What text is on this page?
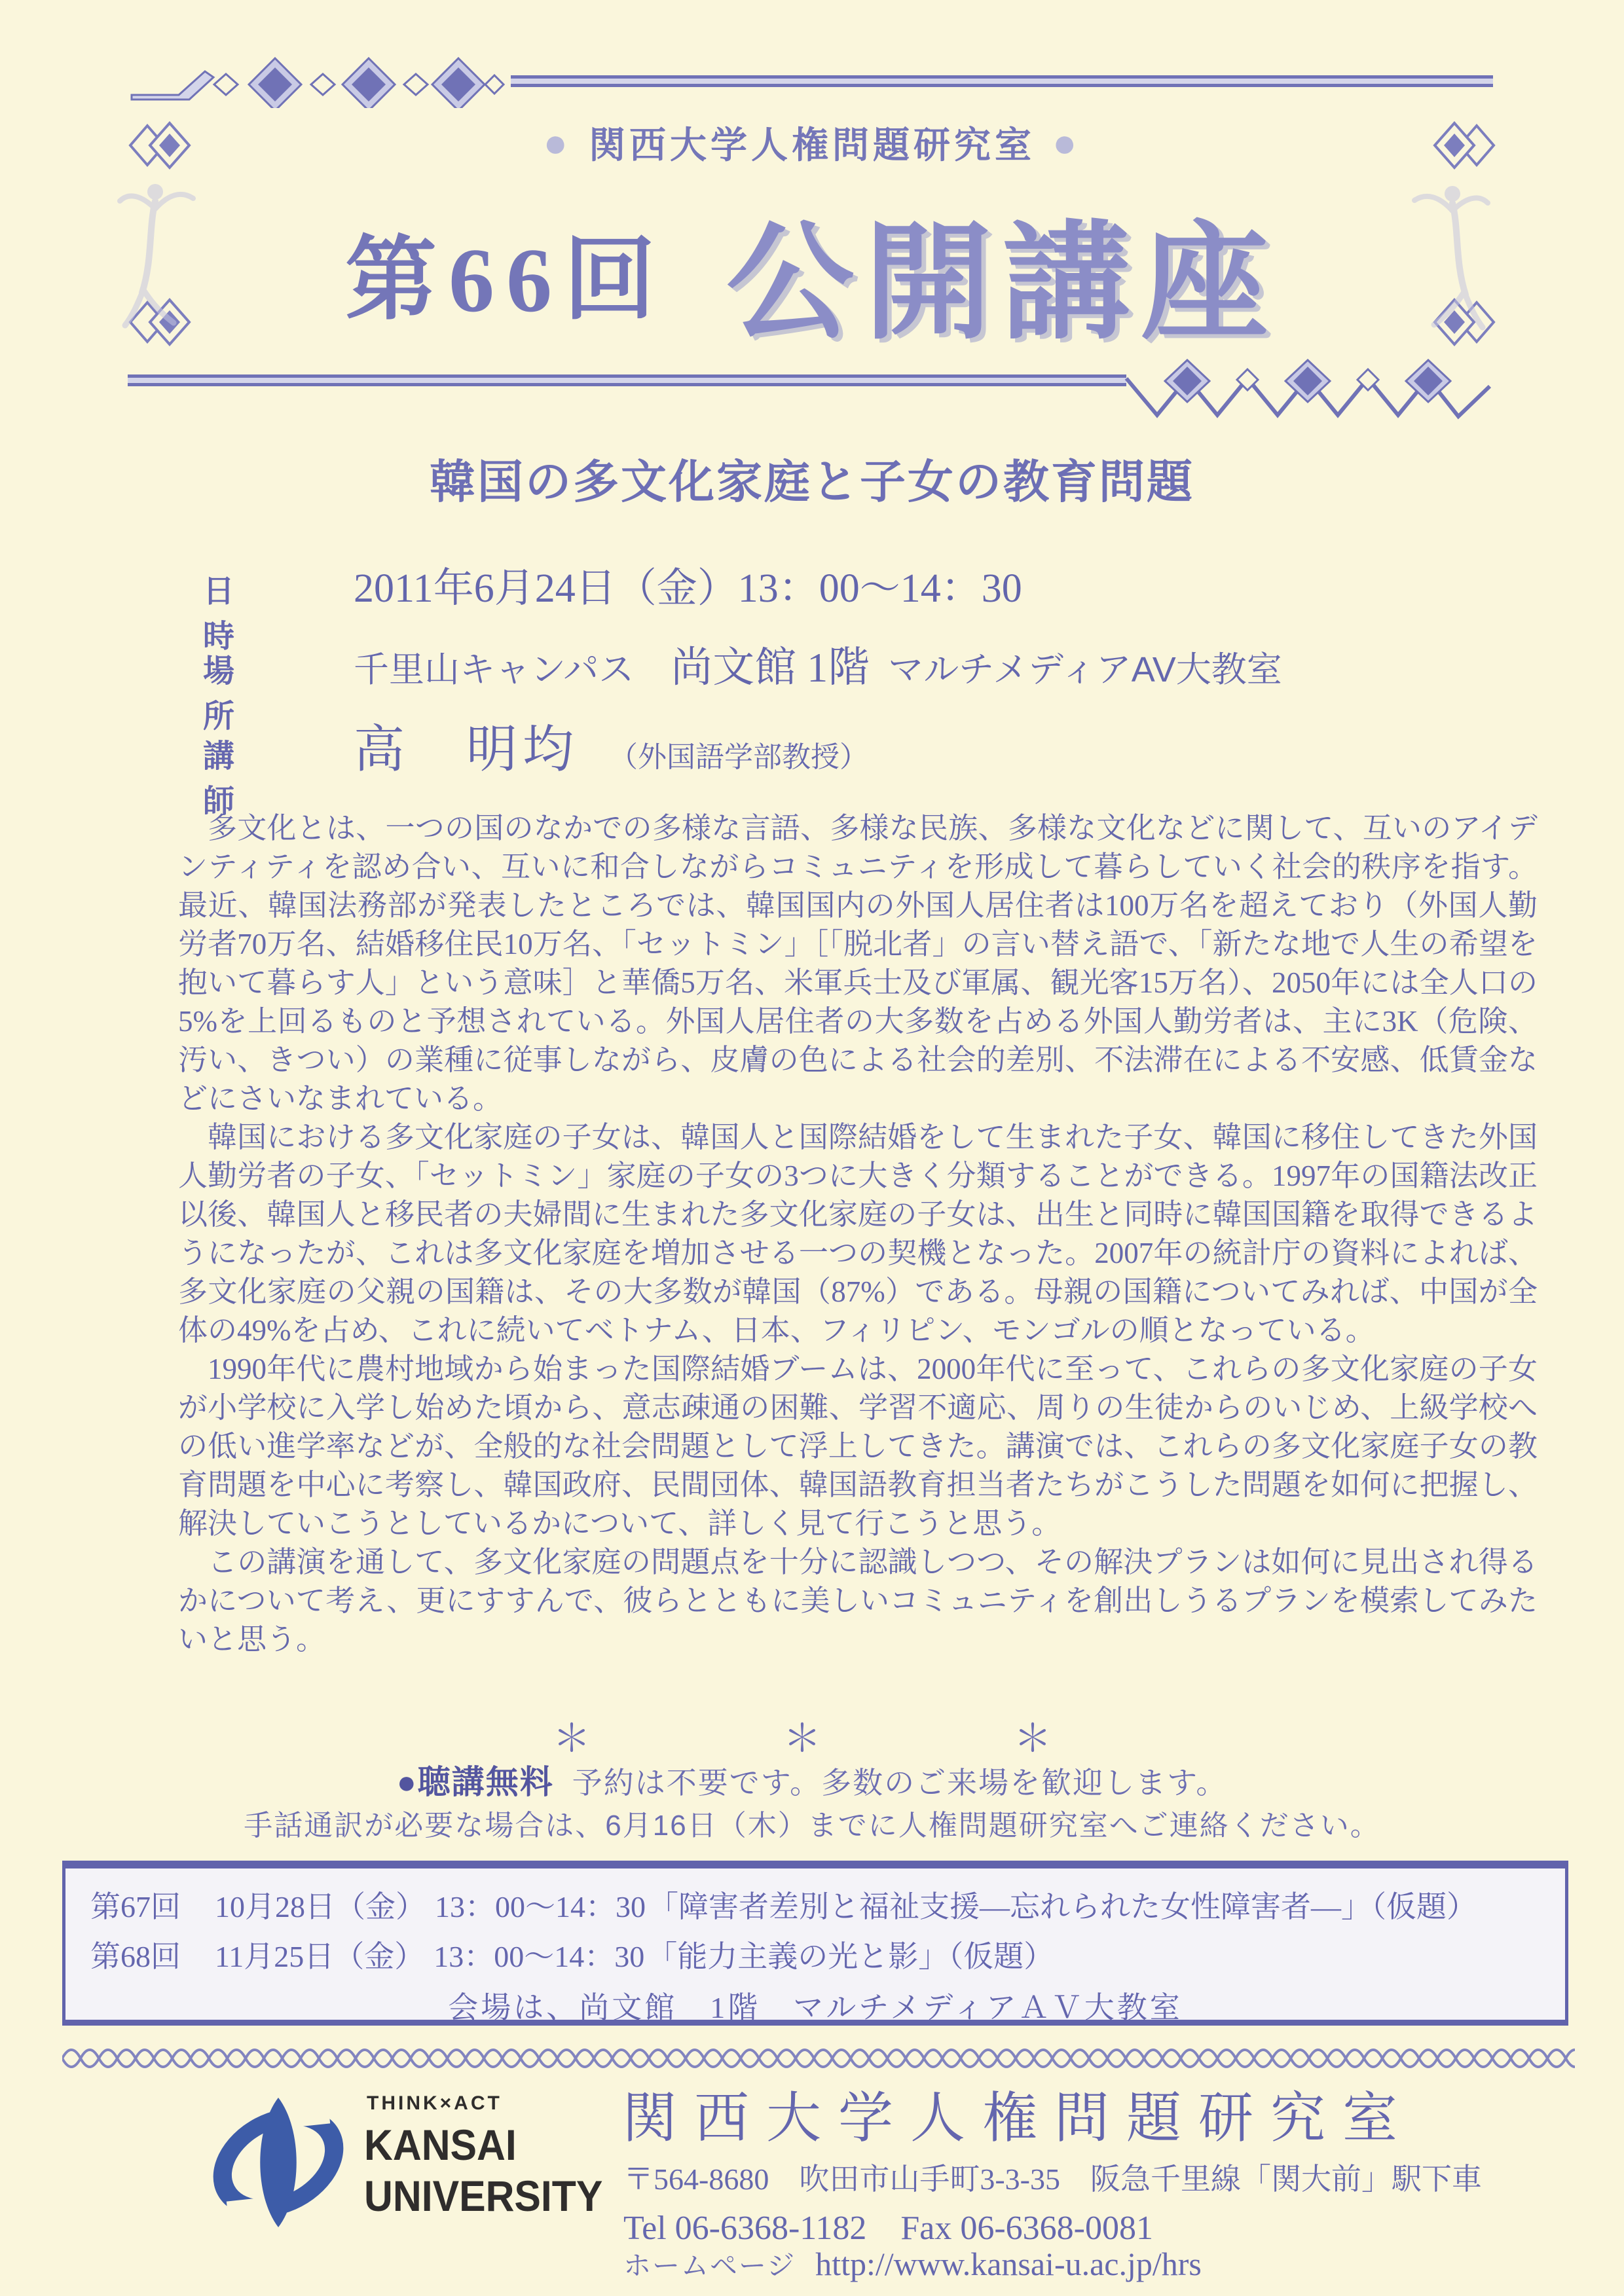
● 関西大学人権問題研究室 ●
第66回 公開講座
韓国の多文化家庭と子女の教育問題
日　時
2011年6月24日（金）13：00～14：30
場　所
千里山キャンパス 尚文館 1階 マルチメディアAV大教室
講　師
高　明均 （外国語学部教授）

多文化とは、一つの国のなかでの多様な言語、多様な民族、多様な文化などに関して、互いのアイデンティティを認め合い、互いに和合しながらコミュニティを形成して暮らしていく社会的秩序を指す。最近、韓国法務部が発表したところでは、韓国国内の外国人居住者は100万名を超えており（外国人勤労者70万名、結婚移住民10万名、「セットミン」［「脱北者」の言い替え語で、「新たな地で人生の希望を抱いて暮らす人」という意味］と華僑5万名、米軍兵士及び軍属、観光客15万名）、2050年には全人口の5%を上回るものと予想されている。外国人居住者の大多数を占める外国人勤労者は、主に3K（危険、汚い、きつい）の業種に従事しながら、皮膚の色による社会的差別、不法滞在による不安感、低賃金などにさいなまれている。

韓国における多文化家庭の子女は、韓国人と国際結婚をして生まれた子女、韓国に移住してきた外国人勤労者の子女、「セットミン」家庭の子女の3つに大きく分類することができる。1997年の国籍法改正以後、韓国人と移民者の夫婦間に生まれた多文化家庭の子女は、出生と同時に韓国国籍を取得できるようになったが、これは多文化家庭を増加させる一つの契機となった。2007年の統計庁の資料によれば、多文化家庭の父親の国籍は、その大多数が韓国（87%）である。母親の国籍についてみれば、中国が全体の49%を占め、これに続いてベトナム、日本、フィリピン、モンゴルの順となっている。

1990年代に農村地域から始まった国際結婚ブームは、2000年代に至って、これらの多文化家庭の子女が小学校に入学し始めた頃から、意志疎通の困難、学習不適応、周りの生徒からのいじめ、上級学校への低い進学率などが、全般的な社会問題として浮上してきた。講演では、これらの多文化家庭子女の教育問題を中心に考察し、韓国政府、民間団体、韓国語教育担当者たちがこうした問題を如何に把握し、解決していこうとしているかについて、詳しく見て行こうと思う。

この講演を通して、多文化家庭の問題点を十分に認識しつつ、その解決プランは如何に見出され得るかについて考え、更にすすんで、彼らとともに美しいコミュニティを創出しうるプランを模索してみたいと思う。

＊　　　＊　　　＊
● 聴講無料 予約は不要です。多数のご来場を歓迎します。
手話通訳が必要な場合は、6月16日（木）までに人権問題研究室へご連絡ください。
第67回 10月28日（金） 13：00～14：30 「障害者差別と福祉支援―忘れられた女性障害者―」（仮題）
第68回 11月25日（金） 13：00～14：30 「能力主義の光と影」（仮題）
会場は、尚文館　1階　マルチメディアＡＶ大教室
THINK×ACT
KANSAI
UNIVERSITY
関西大学人権問題研究室
〒564-8680　吹田市山手町3-3-35　阪急千里線「関大前」駅下車
Tel 06-6368-1182　Fax 06-6368-0081
ホームページ http://www.kansai-u.ac.jp/hrs
